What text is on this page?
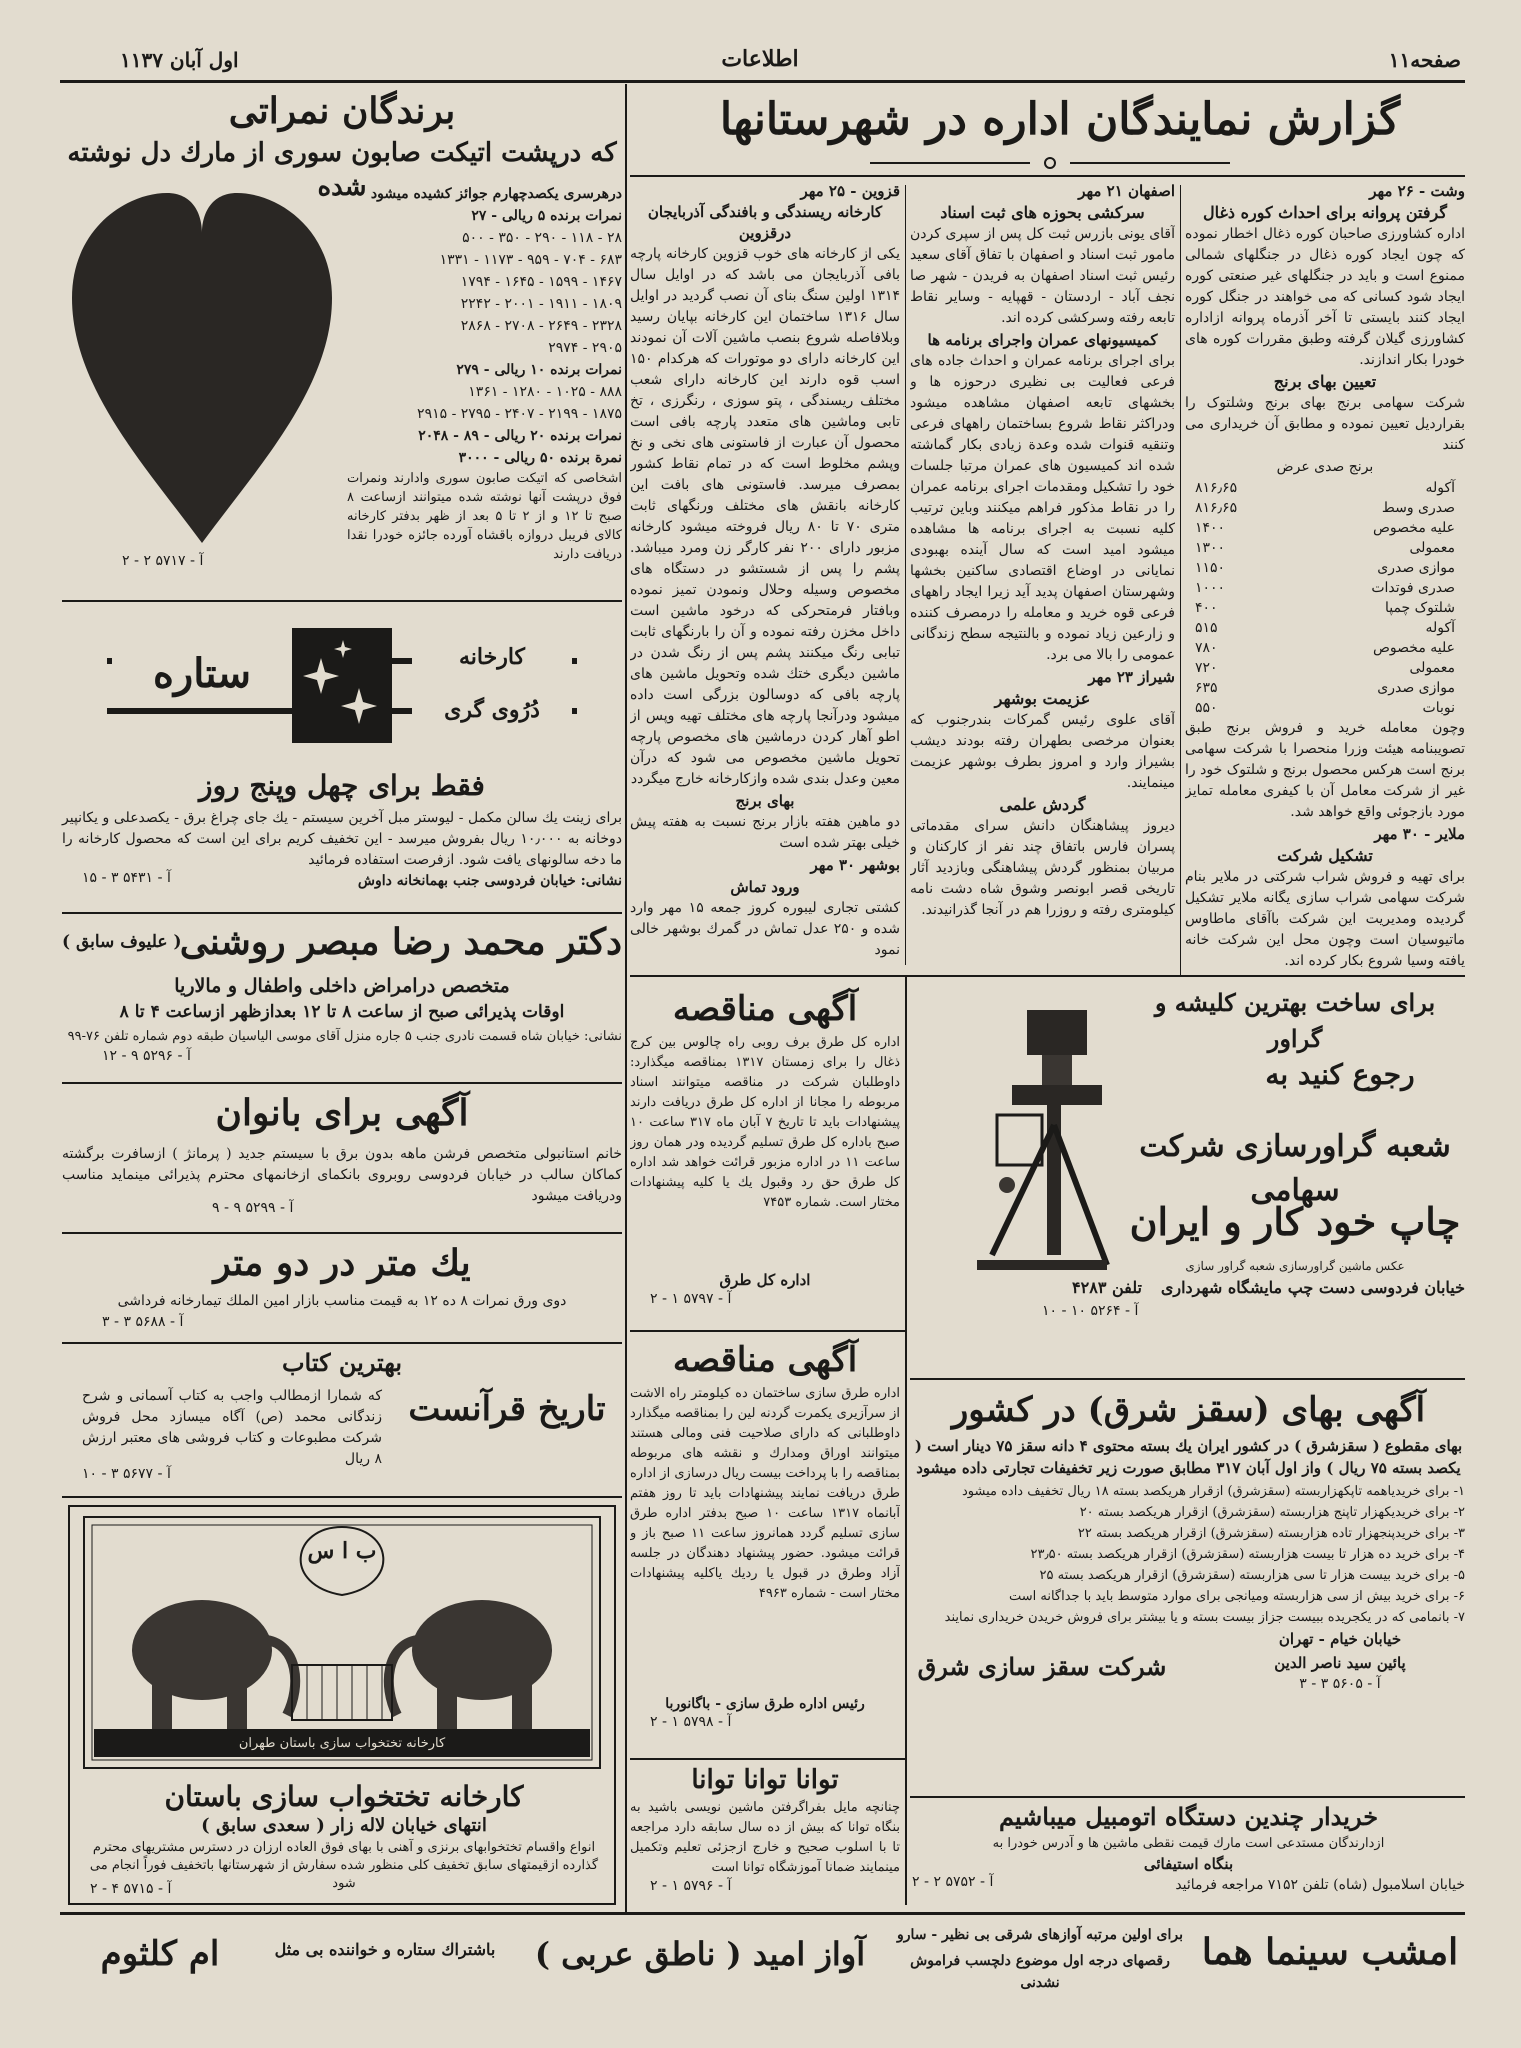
صفحه۱۱
اطلاعات
اول آبان ۱۱۳۷
گزارش نمایندگان اداره در شهرستانها
وشت - ۲۶ مهر
گرفتن پروانه برای احداث کوره ذغال

اداره کشاورزی صاحبان کوره ذغال اخطار نموده که چون ایجاد کوره ذغال در جنگلهای شمالی ممنوع است و باید در جنگلهای غیر صنعتی کوره ایجاد شود کسانی که می خواهند در جنگل کوره ایجاد کنند بایستی تا آخر آذرماه پروانه ازاداره کشاورزی گیلان گرفته وطبق مقررات کوره های خودرا بکار اندازند.

تعیین بهای برنج

شرکت سهامی برنج بهای برنج وشلتوک را بقراردیل تعیین نموده و مطابق آن خریداری می کنند

برنج صدی عرض
آکوله
۸۱۶٫۶۵
صدری وسط
۸۱۶٫۶۵
علیه مخصوص
۱۴۰۰
معمولی
۱۳۰۰
موازی صدری
۱۱۵۰
صدری فوتدات
۱۰۰۰
شلتوک چمپا
۴۰۰
آکوله
۵۱۵
علیه مخصوص
۷۸۰
معمولی
۷۲۰
موازی صدری
۶۳۵
نوبات
۵۵۰

وچون معامله خرید و فروش برنج طبق تصویبنامه هیئت وزرا منحصرا با شرکت سهامی برنج است هرکس محصول برنج و شلتوک خود را غیر از شرکت معامل آن با کیفری معامله تمایز مورد بازجوئی واقع خواهد شد.

ملایر - ۳۰ مهر
تشکیل شرکت

برای تهیه و فروش شراب شرکتی در ملایر بنام شرکت سهامی شراب سازی یگانه ملایر تشکیل گردیده ومدیریت این شرکت باآقای ماطاوس ماتیوسیان است وچون محل این شرکت خانه یافته وسیا شروع بکار کرده اند.

اصفهان ۲۱ مهر
سرکشی بحوزه های ثبت اسناد

آقای یونی بازرس ثبت کل پس از سپری کردن مامور ثبت اسناد و اصفهان با تفاق آقای سعید رئیس ثبت اسناد اصفهان به فریدن - شهر صا نجف آباد - اردستان - قهپایه - وسایر نقاط تابعه رفته وسرکشی کرده اند.

کمیسیونهای عمران واجرای برنامه ها

برای اجرای برنامه عمران و احداث جاده های فرعی فعالیت بی نظیری درحوزه ها و بخشهای تابعه اصفهان مشاهده میشود ودراکثر نقاط شروع بساختمان راههای فرعی وتنقیه قنوات شده وعدة زیادی بکار گماشته شده اند کمیسیون های عمران مرتبا جلسات خود را تشکیل ومقدمات اجرای برنامه عمران را در نقاط مذکور فراهم میکنند وباین ترتیب کلیه نسبت به اجرای برنامه ها مشاهده میشود امید است که سال آینده بهبودی نمایانی در اوضاع اقتصادی ساکنین بخشها وشهرستان اصفهان پدید آید زیرا ایجاد راههای فرعی قوه خرید و معامله را درمصرف کننده و زارعین زیاد نموده و بالنتیجه سطح زندگانی عمومی را بالا می برد.

شیراز ۲۳ مهر
عزیمت بوشهر

آقای علوی رئیس گمرکات بندرجنوب که بعنوان مرخصی بطهران رفته بودند دیشب بشیراز وارد و امروز بطرف بوشهر عزیمت مینمایند.

گردش علمی

دیروز پیشاهنگان دانش سرای مقدماتی پسران فارس باتفاق چند نفر از کارکنان و مربیان بمنظور گردش پیشاهنگی وبازدید آثار تاریخی قصر ابونصر وشوق شاه دشت نامه کیلومتری رفته و روزرا هم در آنجا گذرانیدند.

قزوین - ۲۵ مهر
کارخانه ریسندگی و بافندگی آذربایجان درقزوین

یکی از کارخانه های خوب قزوین کارخانه پارچه بافی آذربایجان می باشد که در اوایل سال ۱۳۱۴ اولین سنگ بنای آن نصب گردید در اوایل سال ۱۳۱۶ ساختمان این کارخانه بپایان رسید وبلافاصله شروع بنصب ماشین آلات آن نمودند این کارخانه دارای دو موتورات که هرکدام ۱۵۰ اسب قوه دارند این کارخانه دارای شعب مختلف ریسندگی ، پتو سوزی ، رنگرزی ، تخ تابی وماشین های متعدد پارچه بافی است محصول آن عبارت از فاستونی های نخی و نخ وپشم مخلوط است که در تمام نقاط کشور بمصرف میرسد. فاستونی های بافت این کارخانه بانقش های مختلف ورنگهای ثابت متری ۷۰ تا ۸۰ ریال فروخته میشود کارخانه مزبور دارای ۲۰۰ نفر کارگر زن ومرد میباشد. پشم را پس از شستشو در دستگاه های مخصوص وسیله وحلال ونمودن تمیز نموده وبافتار فرمتحرکی که درخود ماشین است داخل مخزن رفته نموده و آن را بارنگهای ثابت تبابی رنگ میکنند پشم پس از رنگ شدن در ماشین دیگری ختك شده وتحویل ماشین های پارچه بافی که دوسالون بزرگی است داده میشود ودرآنجا پارچه های مختلف تهیه وپس از اطو آهار کردن درماشین های مخصوص پارچه تحویل ماشین مخصوص می شود که درآن معین وعدل بندی شده وازکارخانه خارج میگردد

بهای برنج

دو ماهین هفته بازار برنج نسبت به هفته پیش خیلی بهتر شده است

بوشهر ۳۰ مهر
ورود تماش

کشتی تجاری لیبوره کروز جمعه ۱۵ مهر وارد شده و ۲۵۰ عدل تماش در گمرك بوشهر خالی نمود

برندگان نمراتی
که درپشت اتیکت صابون سوری از مارك دل نوشته شده درهرسری یکصدچهارم جوائز کشیده میشود
نمرات برنده ۵ ریالی - ۲۷
۲۸ - ۱۱۸ - ۲۹۰ - ۳۵۰ - ۵۰۰
۶۸۳ - ۷۰۴ - ۹۵۹ - ۱۱۷۳ - ۱۳۳۱
۱۴۶۷ - ۱۵۹۹ - ۱۶۴۵ - ۱۷۹۴
۱۸۰۹ - ۱۹۱۱ - ۲۰۰۱ - ۲۲۴۲
۲۳۲۸ - ۲۶۴۹ - ۲۷۰۸ - ۲۸۶۸
۲۹۰۵ - ۲۹۷۴
نمرات برنده ۱۰ ریالی - ۲۷۹
۸۸۸ - ۱۰۲۵ - ۱۲۸۰ - ۱۳۶۱
۱۸۷۵ - ۲۱۹۹ - ۲۴۰۷ - ۲۷۹۵ - ۲۹۱۵
نمرات برنده ۲۰ ریالی - ۸۹ - ۲۰۴۸
نمرة برنده ۵۰ ریالی - ۳۰۰۰

اشخاصی که اتیکت صابون سوری وادارند ونمرات فوق درپشت آنها نوشته شده میتوانند ازساعت ۸ صبح تا ۱۲ و از ۲ تا ۵ بعد از ظهر بدفتر کارخانه کالای فریبل دروازه باقشاه آورده جائزه خودرا نقدا دریافت دارند

آ - ۵۷۱۷ ۲ - ۲
کارخانه
دُرُوی گری
ستاره
فقط برای چهل وپنج روز

برای زینت یك سالن مکمل - لیوستر مبل آخرین سیستم - یك جای چراغ برق - یکصدعلی و یکانپیر دوخانه به ۱۰٫۰۰۰ ریال بفروش میرسد - این تخفیف کریم برای این است که محصول کارخانه را ما دخه سالونهای یافت شود. ازفرصت استفاده فرمائید

نشانی: خیابان فردوسی جنب بهمانخانه داوش
آ - ۵۴۳۱ ۳ - ۱۵
دکتر محمد رضا مبصر روشنی
( علیوف سابق )
متخصص درامراض داخلی واطفال و مالاریا
اوقات پذیرائی صبح از ساعت ۸ تا ۱۲ بعدازظهر ازساعت ۴ تا ۸
نشانی: خیابان شاه قسمت نادری جنب ۵ جاره منزل آقای موسی الیاسیان طبقه دوم شماره تلفن ۷۶-۹۹
آ - ۵۲۹۶ ۹ - ۱۲
آگهی برای بانوان

خانم استانبولی متخصص فرشن ماهه بدون برق با سیستم جدید ( پرمانژ ) ازسافرت برگشته کماکان سالب در خیابان فردوسی روبروی بانکمای ازخانمهای محترم پذیرائی مینماید مناسب ودریافت میشود

آ - ۵۲۹۹ ۹ - ۹
یك متر در دو متر
دوی ورق نمرات ۸ ده ۱۲ به قیمت مناسب بازار امین الملك تیمارخانه فرداشی
آ - ۵۶۸۸ ۳ - ۳
بهترین کتاب
تاریخ قرآنست

که شمارا ازمطالب واجب به کتاب آسمانی و شرح زندگانی محمد (ص) آگاه میسازد محل فروش شرکت مطبوعات و کتاب فروشی های معتبر ارزش ۸ ریال

آ - ۵۶۷۷ ۳ - ۱۰
ب ا س
کارخانه تختخواب سازی باستان طهران
کارخانه تختخواب سازی باستان
انتهای خیابان لاله زار ( سعدی سابق )

انواع واقسام تختخوابهای برنزی و آهنی با بهای فوق العاده ارزان در دسترس مشتریهای محترم گذارده ازقیمتهای سابق تخفیف کلی منظور شده سفارش از شهرستانها باتخفیف فوراً انجام می شود

آ - ۵۷۱۵ ۴ - ۲
آگهی مناقصه

اداره کل طرق برف روبی راه چالوس بین کرج ذغال را برای زمستان ۱۳۱۷ بمناقصه میگذارد: داوطلبان شرکت در مناقصه میتوانند اسناد مربوطه را مجانا از اداره کل طرق دریافت دارند پیشنهادات باید تا تاریخ ۷ آبان ماه ۳۱۷ ساعت ۱۰ صبح باداره کل طرق تسلیم گردیده ودر همان روز ساعت ۱۱ در اداره مزبور قرائت خواهد شد اداره کل طرق حق رد وقبول یك یا کلیه پیشنهادات مختار است. شماره ۷۴۵۳

اداره کل طرق
آ - ۵۷۹۷ ۱ - ۲
آگهی مناقصه

اداره طرق سازی ساختمان ده کیلومتر راه الاشت از سرآزیری یکمرت گردنه لین را بمناقصه میگذارد داوطلبانی که دارای صلاحیت فنی ومالی هستند میتوانند اوراق ومدارك و نقشه های مربوطه بمناقصه را با پرداخت بیست ریال درسازی از اداره طرق دریافت نمایند پیشنهادات باید تا روز هفتم آبانماه ۱۳۱۷ ساعت ۱۰ صبح بدفتر اداره طرق سازی تسلیم گردد همانروز ساعت ۱۱ صبح باز و قرائت میشود. حضور پیشنهاد دهندگان در جلسه آزاد وطرق در قبول یا ردیك یاکلیه پیشنهادات مختار است - شماره ۴۹۶۳

رئیس اداره طرق سازی - باگانوربا
آ - ۵۷۹۸ ۱ - ۲
توانا توانا توانا

چنانچه مایل بفراگرفتن ماشین نویسی باشید به بنگاه توانا که بیش از ده سال سابقه دارد مراجعه تا با اسلوب صحیح و خارج ازجزئی تعلیم وتکمیل مینمایند ضمانا آموزشگاه توانا است

آ - ۵۷۹۶ ۱ - ۲
برای ساخت بهترین کلیشه و گراور
رجوع کنید به
شعبه گراورسازی شرکت سهامی
چاپ خود کار و ایران
عکس ماشین گراورسازی شعبه گراور سازی
خیابان فردوسی دست چپ مایشگاه شهرداری
تلفن ۴۲۸۳
آ - ۵۲۶۴ ۱۰ - ۱۰
آگهی بهای (سقز شرق) در کشور

بهای مقطوع ( سقزشرق ) در کشور ایران یك بسته محتوی ۴ دانه سقز ۷۵ دینار است ( یکصد بسته ۷۵ ریال ) واز اول آبان ۳۱۷ مطابق صورت زیر تخفیفات تجارتی داده میشود

۱- برای خریدیاهمه تاپکهزاربسته (سقزشرق) ازقرار هریکصد بسته ۱۸ ریال تخفیف داده میشود
۲- برای خریدیکهزار تاپنج هزاربسته (سقزشرق) ازقرار هریکصد بسته ۲۰
۳- برای خریدپنجهزار تاده هزاربسته (سقزشرق) ازقرار هریکصد بسته ۲۲
۴- برای خرید ده هزار تا بیست هزاربسته (سقزشرق) ازقرار هریکصد بسته ۲۳٫۵۰
۵- برای خرید بیست هزار تا سی هزاربسته (سقزشرق) ازقرار هریکصد بسته ۲۵
۶- برای خرید بیش از سی هزاربسته ومیانجی برای موارد متوسط باید با جداگانه است
۷- بانمامی که در یکجریده ببیست جزاز بیست بسته و یا بیشتر برای فروش خریدن خریداری نمایند
شرکت سقز سازی شرق
خیابان خیام - تهران
پائین سید ناصر الدین
آ - ۵۶۰۵ ۳ - ۳
خریدار چندین دستگاه اتومبیل میباشیم
ازدارندگان مستدعی است مارك قیمت نقطی ماشین ها و آدرس خودرا به
بنگاه استیفائی
خیابان اسلامبول (شاه) تلفن ۷۱۵۲ مراجعه فرمائید
آ - ۵۷۵۲ ۲ - ۲
امشب سینما هما
برای اولین مرتبه آوازهای شرقی بی نظیر - سارو
رقصهای درجه اول موضوع دلچسب فراموش نشدنی
آواز امید ( ناطق عربی )
باشتراك ستاره و خواننده بی مثل
ام کلثوم
